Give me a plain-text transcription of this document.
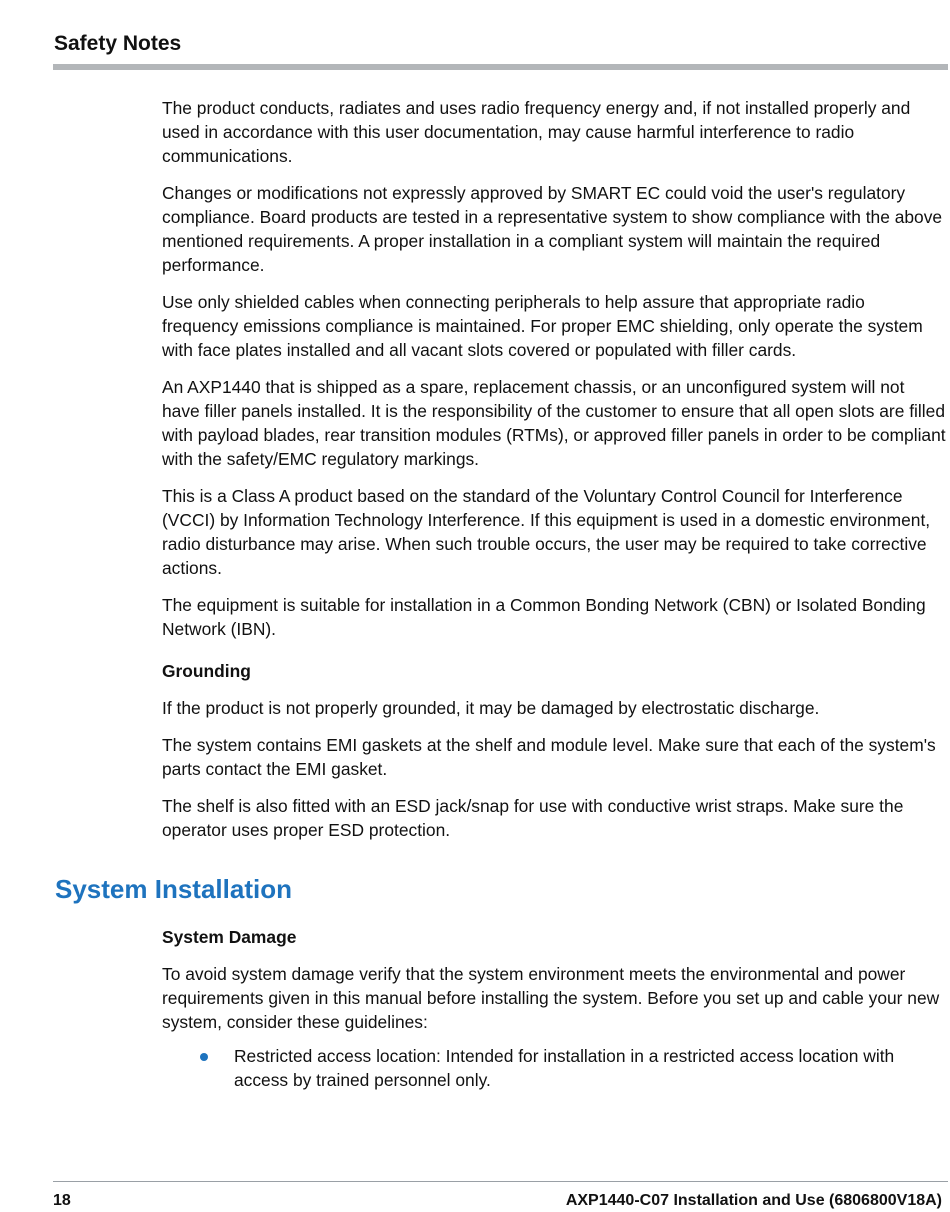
Safety Notes

The product conducts, radiates and uses radio frequency energy and, if not installed properly and used in accordance with this user documentation, may cause harmful interference to radio communications.

Changes or modifications not expressly approved by SMART EC could void the user's regulatory compliance. Board products are tested in a representative system to show compliance with the above mentioned requirements. A proper installation in a compliant system will maintain the required performance.

Use only shielded cables when connecting peripherals to help assure that appropriate radio frequency emissions compliance is maintained. For proper EMC shielding, only operate the system with face plates installed and all vacant slots covered or populated with filler cards.

An AXP1440 that is shipped as a spare, replacement chassis, or an unconfigured system will not have filler panels installed. It is the responsibility of the customer to ensure that all open slots are filled with payload blades, rear transition modules (RTMs), or approved filler panels in order to be compliant with the safety/EMC regulatory markings.

This is a Class A product based on the standard of the Voluntary Control Council for Interference (VCCI) by Information Technology Interference. If this equipment is used in a domestic environment, radio disturbance may arise. When such trouble occurs, the user may be required to take corrective actions.

The equipment is suitable for installation in a Common Bonding Network (CBN) or Isolated Bonding Network (IBN).

Grounding

If the product is not properly grounded, it may be damaged by electrostatic discharge.

The system contains EMI gaskets at the shelf and module level. Make sure that each of the system's parts contact the EMI gasket.

The shelf is also fitted with an ESD jack/snap for use with conductive wrist straps. Make sure the operator uses proper ESD protection.

System Installation
System Damage

To avoid system damage verify that the system environment meets the environmental and power requirements given in this manual before installing the system. Before you set up and cable your new system, consider these guidelines:

Restricted access location: Intended for installation in a restricted access location with access by trained personnel only.
18	AXP1440-C07 Installation and Use (6806800V18A)
